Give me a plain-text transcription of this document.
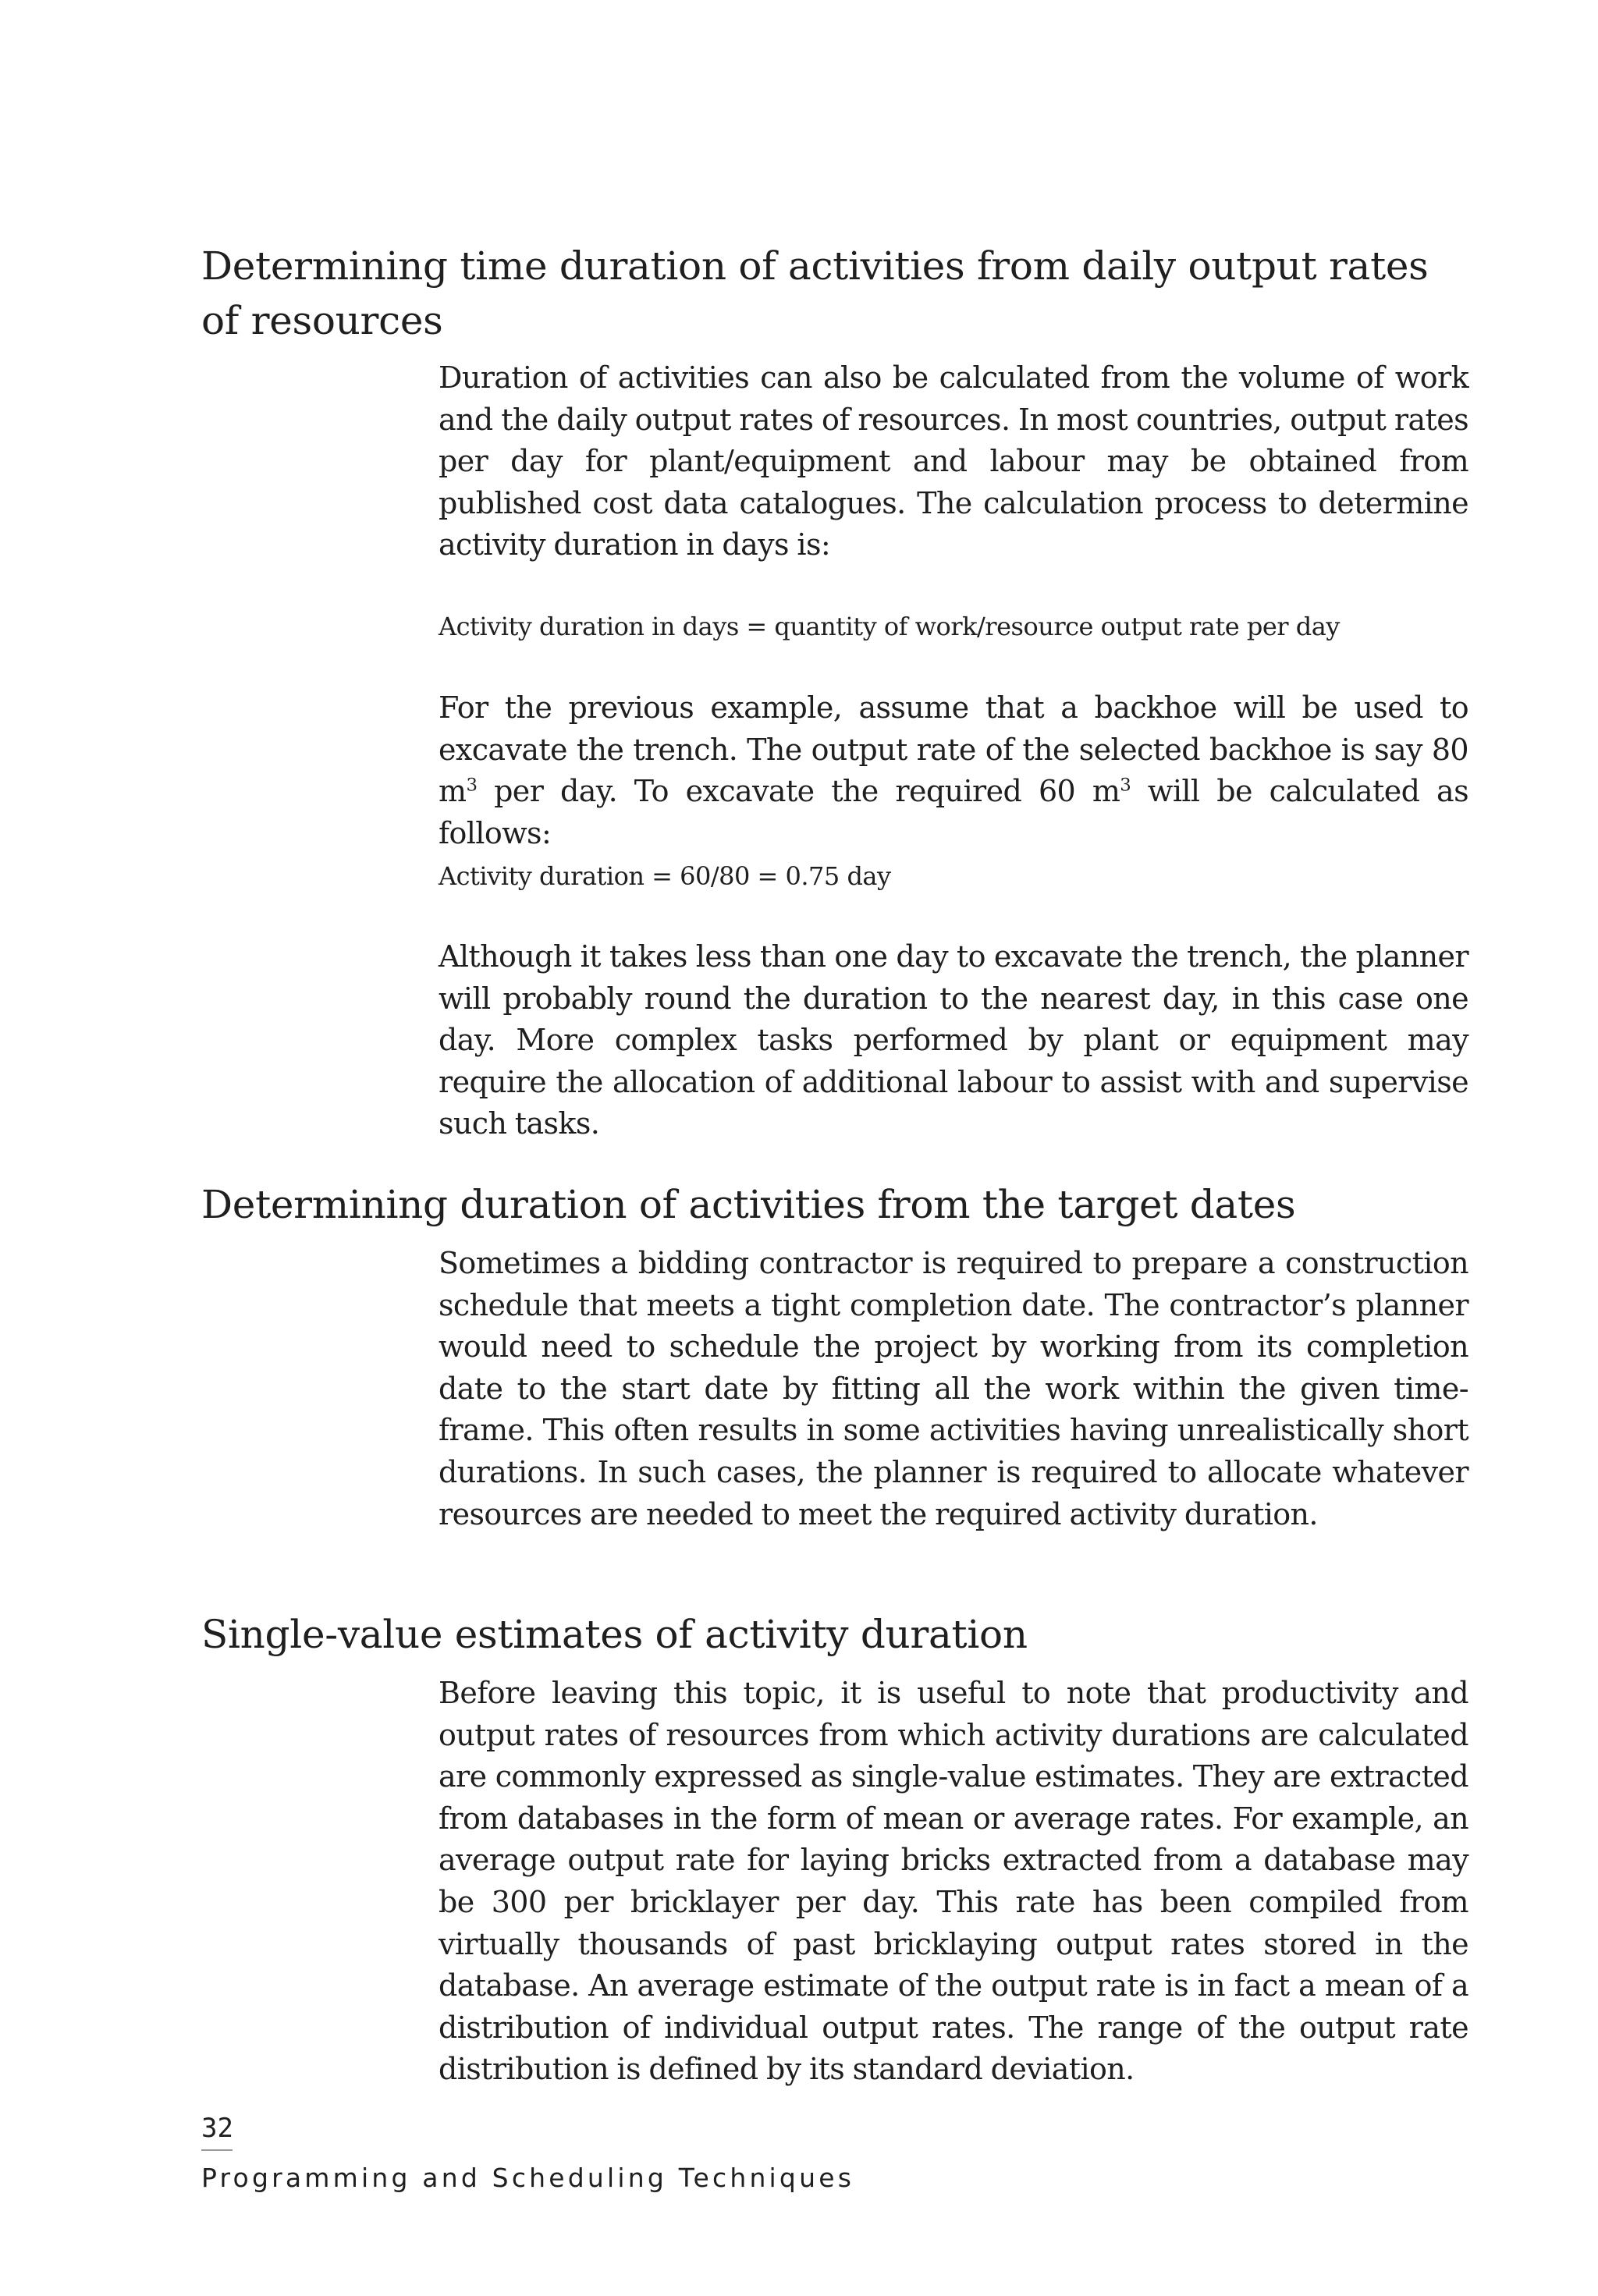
Determining time duration of activities from daily output rates
of resources

Duration of activities can also be calculated from the volume of work and the daily output rates of resources. In most countries, output rates per day for plant/equipment and labour may be obtained from published cost data catalogues. The calculation process to determine activity duration in days is:

Activity duration in days = quantity of work/resource output rate per day

For the previous example, assume that a backhoe will be used to excavate the trench. The output rate of the selected backhoe is say 80 $m^3$ per day. To excavate the required 60 $m^3$ will be calculated as follows:

Activity duration = 60/80 = 0.75 day

Although it takes less than one day to excavate the trench, the planner will probably round the duration to the nearest day, in this case one day. More complex tasks performed by plant or equipment may require the allocation of additional labour to assist with and supervise such tasks.

Determining duration of activities from the target dates

Sometimes a bidding contractor is required to prepare a construction schedule that meets a tight completion date. The contractor’s planner would need to schedule the project by working from its completion date to the start date by fitting all the work within the given time-frame. This often results in some activities having unrealistically short durations. In such cases, the planner is required to allocate whatever resources are needed to meet the required activity duration.

Single-value estimates of activity duration

Before leaving this topic, it is useful to note that productivity and output rates of resources from which activity durations are calculated are commonly expressed as single-value estimates. They are extracted from databases in the form of mean or average rates. For example, an average output rate for laying bricks extracted from a database may be 300 per bricklayer per day. This rate has been compiled from virtually thousands of past bricklaying output rates stored in the database. An average estimate of the output rate is in fact a mean of a distribution of individual output rates. The range of the output rate distribution is defined by its standard deviation.

32
Programming and Scheduling Techniques
